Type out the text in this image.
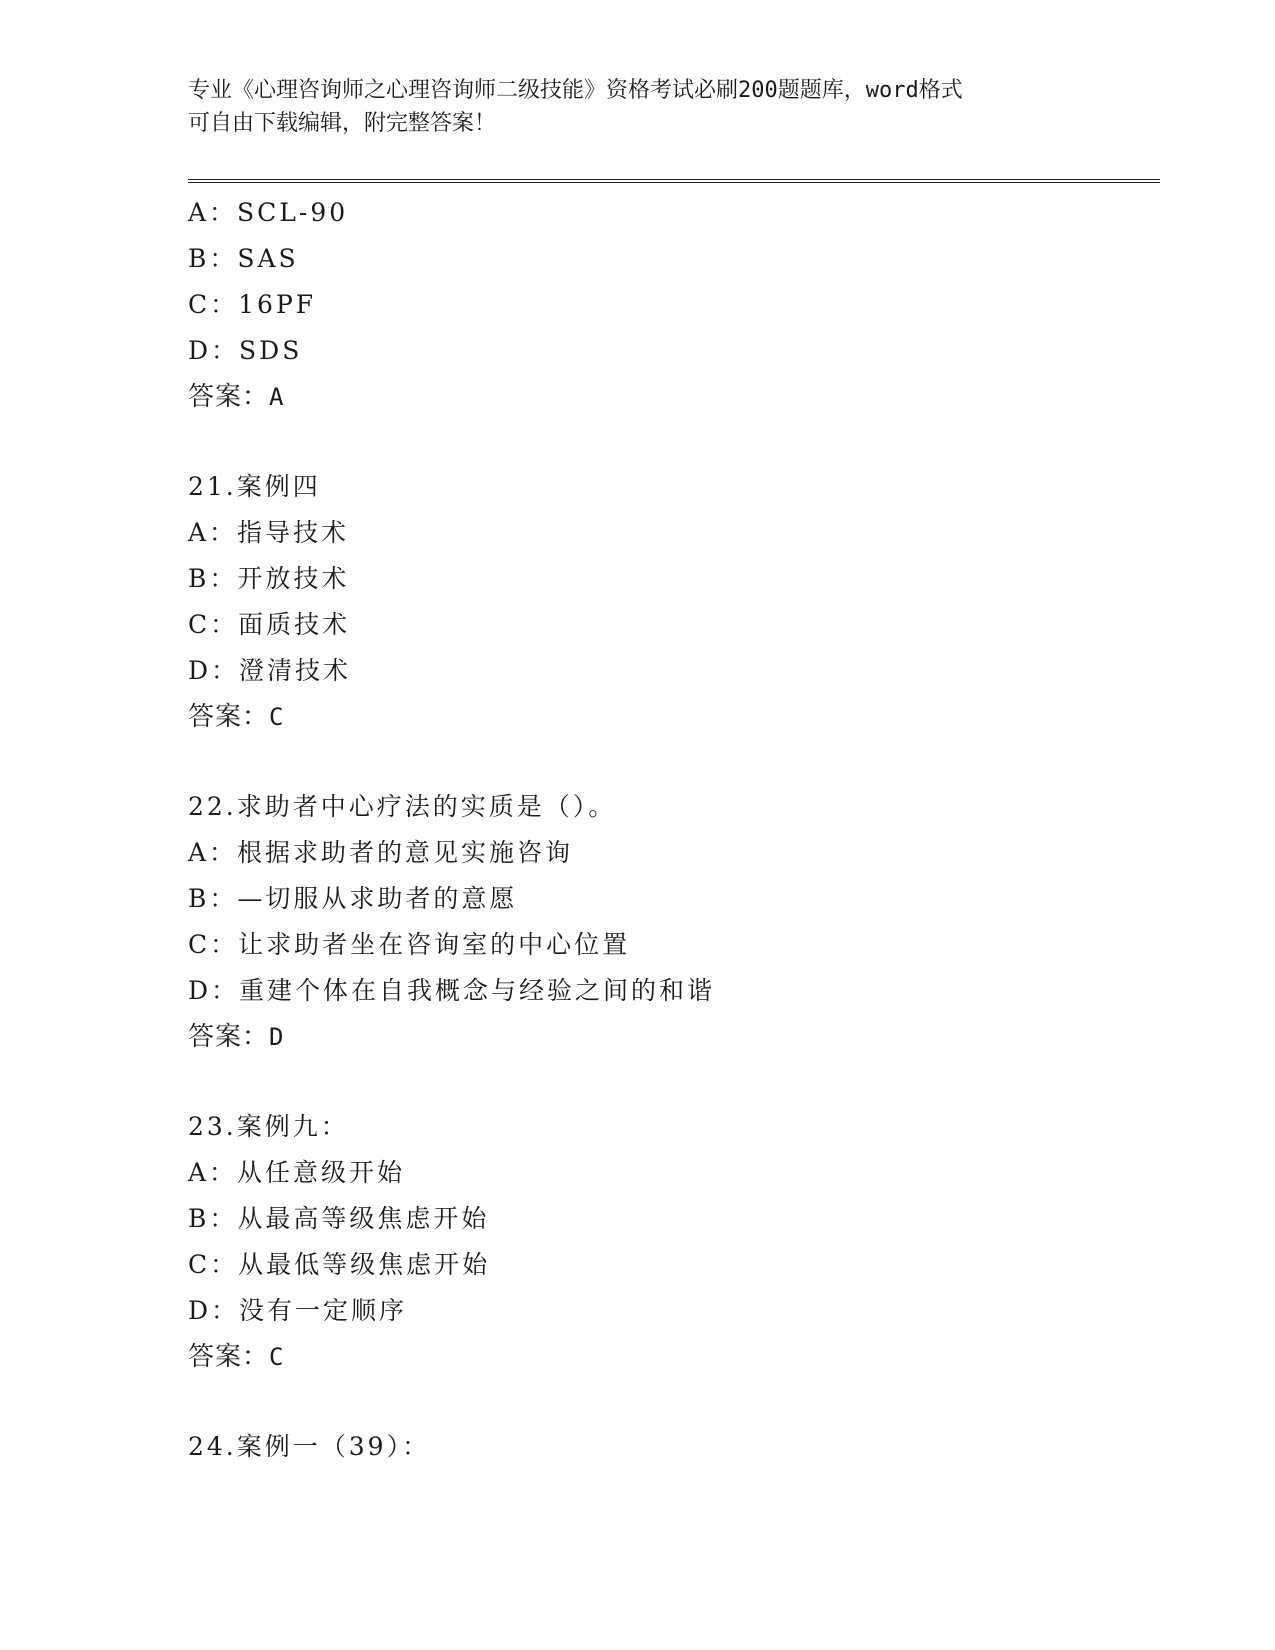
专业《心理咨询师之心理咨询师二级技能》资格考试必刷200题题库，word格式
可自由下载编辑，附完整答案！
A：SCL-90
B：SAS
C：16PF
D：SDS
答案：A
21.案例四
A：指导技术
B：开放技术
C：面质技术
D：澄清技术
答案：C
22.求助者中心疗法的实质是（）。
A：根据求助者的意见实施咨询
B：—切服从求助者的意愿
C：让求助者坐在咨询室的中心位置
D：重建个体在自我概念与经验之间的和谐
答案：D
23.案例九：
A：从任意级开始
B：从最高等级焦虑开始
C：从最低等级焦虑开始
D：没有一定顺序
答案：C
24.案例一（39）：
